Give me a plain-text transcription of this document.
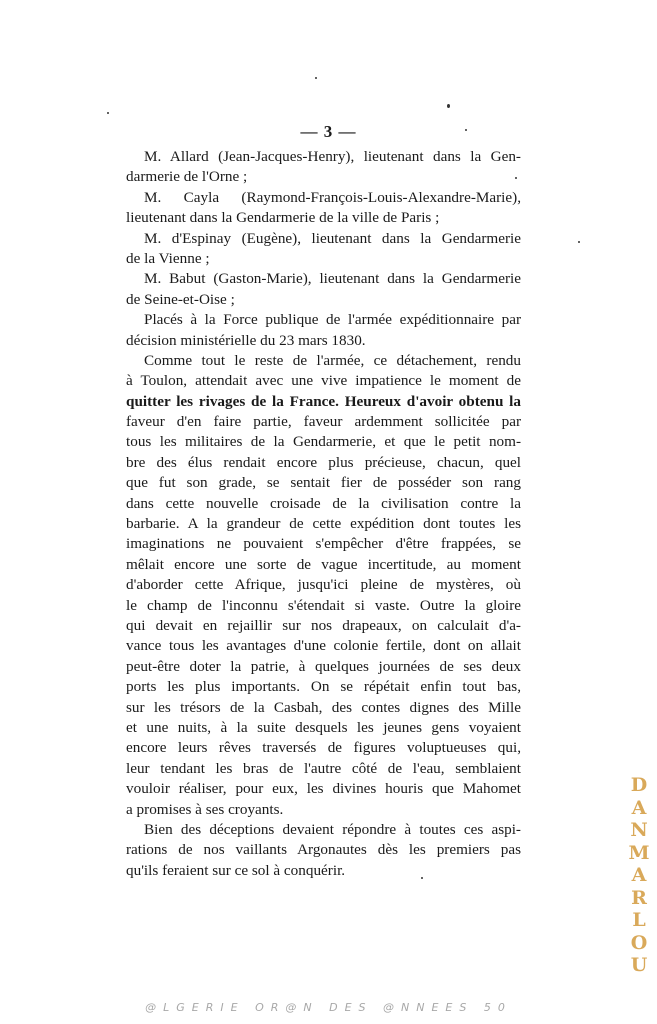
— 3 —
M. Allard (Jean-Jacques-Henry), lieutenant dans la Gen-
darmerie de l'Orne ;
M. Cayla (Raymond-François-Louis-Alexandre-Marie),
lieutenant dans la Gendarmerie de la ville de Paris ;
M. d'Espinay (Eugène), lieutenant dans la Gendarmerie
de la Vienne ;
M. Babut (Gaston-Marie), lieutenant dans la Gendarmerie
de Seine-et-Oise ;
Placés à la Force publique de l'armée expéditionnaire par
décision ministérielle du 23 mars 1830.
Comme tout le reste de l'armée, ce détachement, rendu
à Toulon, attendait avec une vive impatience le moment de
quitter les rivages de la France. Heureux d'avoir obtenu la
faveur d'en faire partie, faveur ardemment sollicitée par
tous les militaires de la Gendarmerie, et que le petit nom-
bre des élus rendait encore plus précieuse, chacun, quel
que fut son grade, se sentait fier de posséder son rang
dans cette nouvelle croisade de la civilisation contre la
barbarie. A la grandeur de cette expédition dont toutes les
imaginations ne pouvaient s'empêcher d'être frappées, se
mêlait encore une sorte de vague incertitude, au moment
d'aborder cette Afrique, jusqu'ici pleine de mystères, où
le champ de l'inconnu s'étendait si vaste. Outre la gloire
qui devait en rejaillir sur nos drapeaux, on calculait d'a-
vance tous les avantages d'une colonie fertile, dont on allait
peut-être doter la patrie, à quelques journées de ses deux
ports les plus importants. On se répétait enfin tout bas,
sur les trésors de la Casbah, des contes dignes des Mille
et une nuits, à la suite desquels les jeunes gens voyaient
encore leurs rêves traversés de figures voluptueuses qui,
leur tendant les bras de l'autre côté de l'eau, semblaient
vouloir réaliser, pour eux, les divines houris que Mahomet
a promises à ses croyants.
Bien des déceptions devaient répondre à toutes ces aspi-
rations de nos vaillants Argonautes dès les premiers pas
qu'ils feraient sur ce sol à conquérir.
D
A
N
M
A
R
L
O
U
@LGERIE OR@N DES @NNEES 50
